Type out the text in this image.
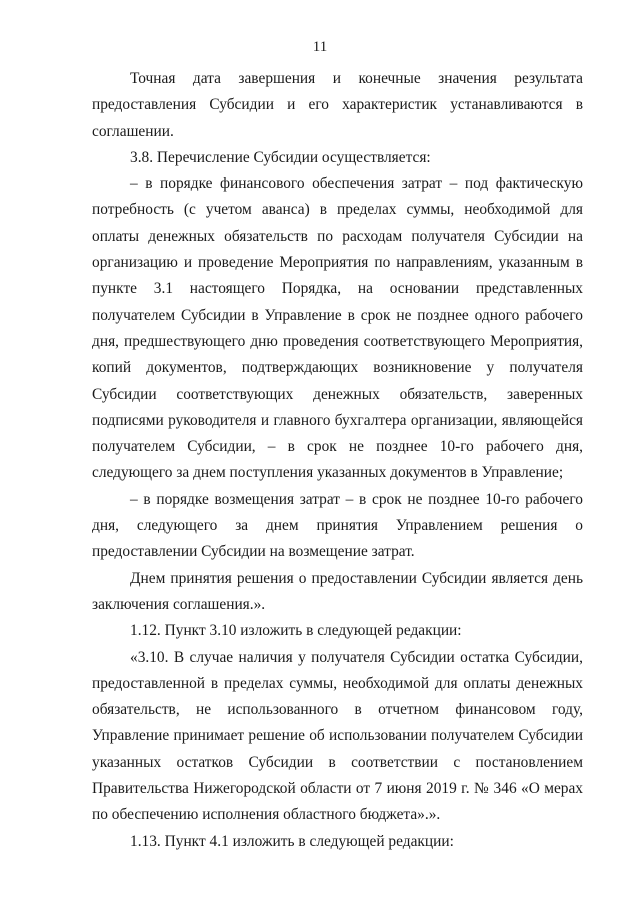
11

Точная дата завершения и конечные значения результата предоставления Субсидии и его характеристик устанавливаются в соглашении.

3.8. Перечисление Субсидии осуществляется:

– в порядке финансового обеспечения затрат – под фактическую потребность (с учетом аванса) в пределах суммы, необходимой для оплаты денежных обязательств по расходам получателя Субсидии на организацию и проведение Мероприятия по направлениям, указанным в пункте 3.1 настоящего Порядка, на основании представленных получателем Субсидии в Управление в срок не позднее одного рабочего дня, предшествующего дню проведения соответствующего Мероприятия, копий документов, подтверждающих возникновение у получателя Субсидии соответствующих денежных обязательств, заверенных подписями руководителя и главного бухгалтера организации, являющейся получателем Субсидии, – в срок не позднее 10-го рабочего дня, следующего за днем поступления указанных документов в Управление;

– в порядке возмещения затрат – в срок не позднее 10-го рабочего дня, следующего за днем принятия Управлением решения о предоставлении Субсидии на возмещение затрат.

Днем принятия решения о предоставлении Субсидии является день заключения соглашения.».

1.12. Пункт 3.10 изложить в следующей редакции:

«3.10. В случае наличия у получателя Субсидии остатка Субсидии, предоставленной в пределах суммы, необходимой для оплаты денежных обязательств, не использованного в отчетном финансовом году, Управление принимает решение об использовании получателем Субсидии указанных остатков Субсидии в соответствии с постановлением Правительства Нижегородской области от 7 июня 2019 г. № 346 «О мерах по обеспечению исполнения областного бюджета».».

1.13. Пункт 4.1 изложить в следующей редакции:
